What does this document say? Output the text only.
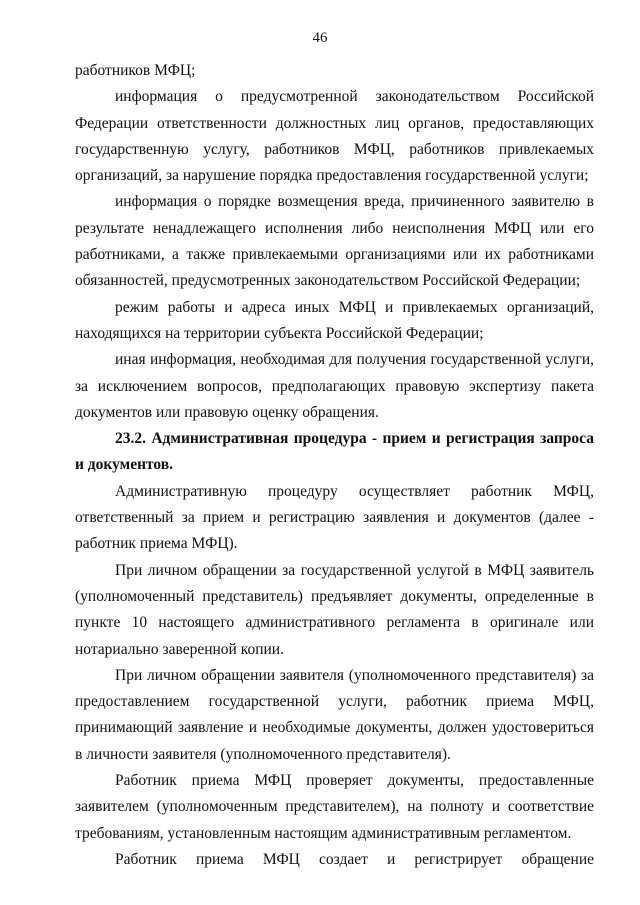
46

работников МФЦ;

информация о предусмотренной законодательством Российской Федерации ответственности должностных лиц органов, предоставляющих государственную услугу, работников МФЦ, работников привлекаемых организаций, за нарушение порядка предоставления государственной услуги;

информация о порядке возмещения вреда, причиненного заявителю в результате ненадлежащего исполнения либо неисполнения МФЦ или его работниками, а также привлекаемыми организациями или их работниками обязанностей, предусмотренных законодательством Российской Федерации;

режим работы и адреса иных МФЦ и привлекаемых организаций, находящихся на территории субъекта Российской Федерации;

иная информация, необходимая для получения государственной услуги, за исключением вопросов, предполагающих правовую экспертизу пакета документов или правовую оценку обращения.

23.2. Административная процедура - прием и регистрация запроса и документов.

Административную процедуру осуществляет работник МФЦ, ответственный за прием и регистрацию заявления и документов (далее - работник приема МФЦ).

При личном обращении за государственной услугой в МФЦ заявитель (уполномоченный представитель) предъявляет документы, определенные в пункте 10 настоящего административного регламента в оригинале или нотариально заверенной копии.

При личном обращении заявителя (уполномоченного представителя) за предоставлением государственной услуги, работник приема МФЦ, принимающий заявление и необходимые документы, должен удостовериться в личности заявителя (уполномоченного представителя).

Работник приема МФЦ проверяет документы, предоставленные заявителем (уполномоченным представителем), на полноту и соответствие требованиям, установленным настоящим административным регламентом.

Работник приема МФЦ создает и регистрирует обращение
